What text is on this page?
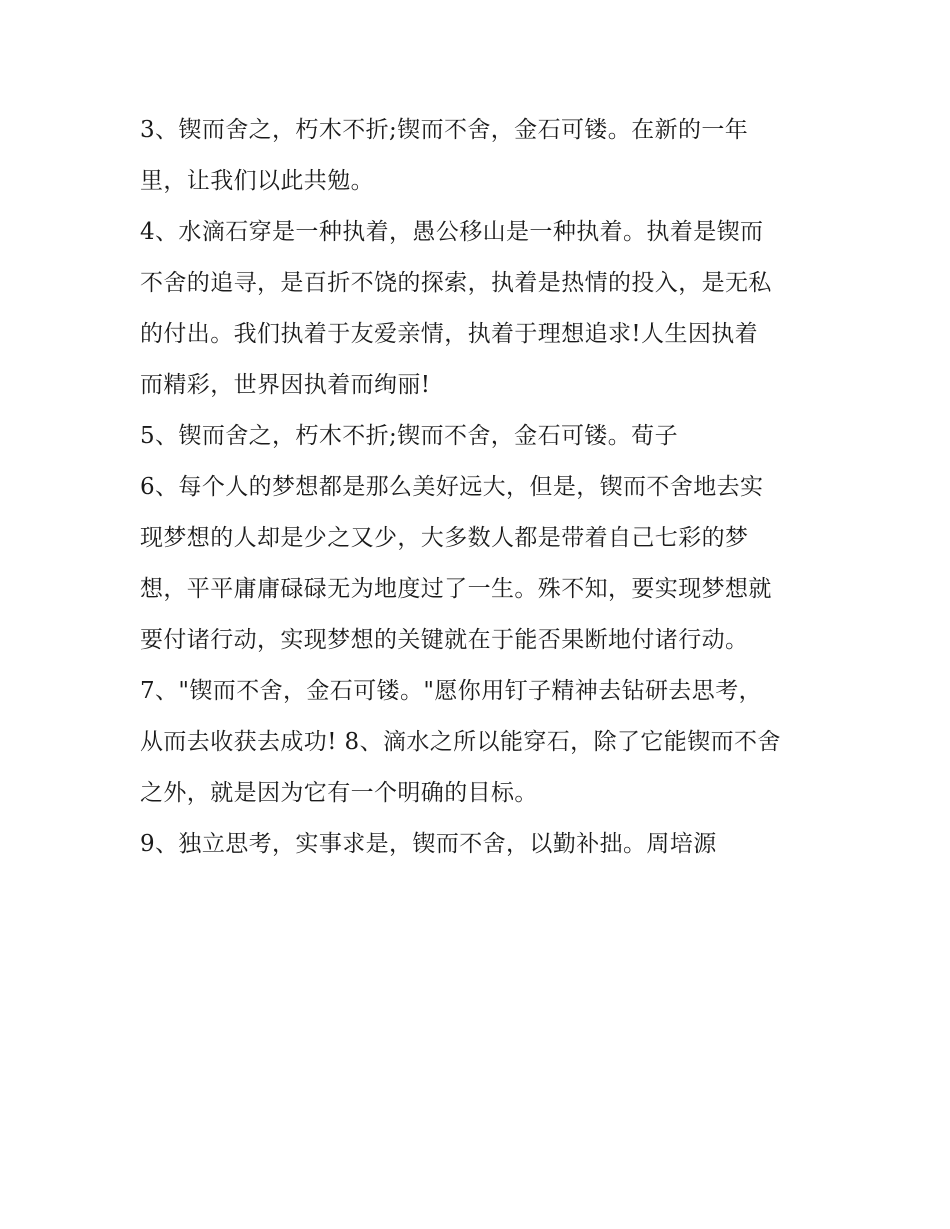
3、锲而舍之，朽木不折;锲而不舍，金石可镂。在新的一年
里，让我们以此共勉。
4、水滴石穿是一种执着，愚公移山是一种执着。执着是锲而
不舍的追寻，是百折不饶的探索，执着是热情的投入，是无私
的付出。我们执着于友爱亲情，执着于理想追求!人生因执着
而精彩，世界因执着而绚丽!
5、锲而舍之，朽木不折;锲而不舍，金石可镂。荀子
6、每个人的梦想都是那么美好远大，但是，锲而不舍地去实
现梦想的人却是少之又少，大多数人都是带着自己七彩的梦
想，平平庸庸碌碌无为地度过了一生。殊不知，要实现梦想就
要付诸行动，实现梦想的关键就在于能否果断地付诸行动。
7、"锲而不舍，金石可镂。"愿你用钉子精神去钻研去思考，
从而去收获去成功! 8、滴水之所以能穿石，除了它能锲而不舍
之外，就是因为它有一个明确的目标。
9、独立思考，实事求是，锲而不舍，以勤补拙。周培源
